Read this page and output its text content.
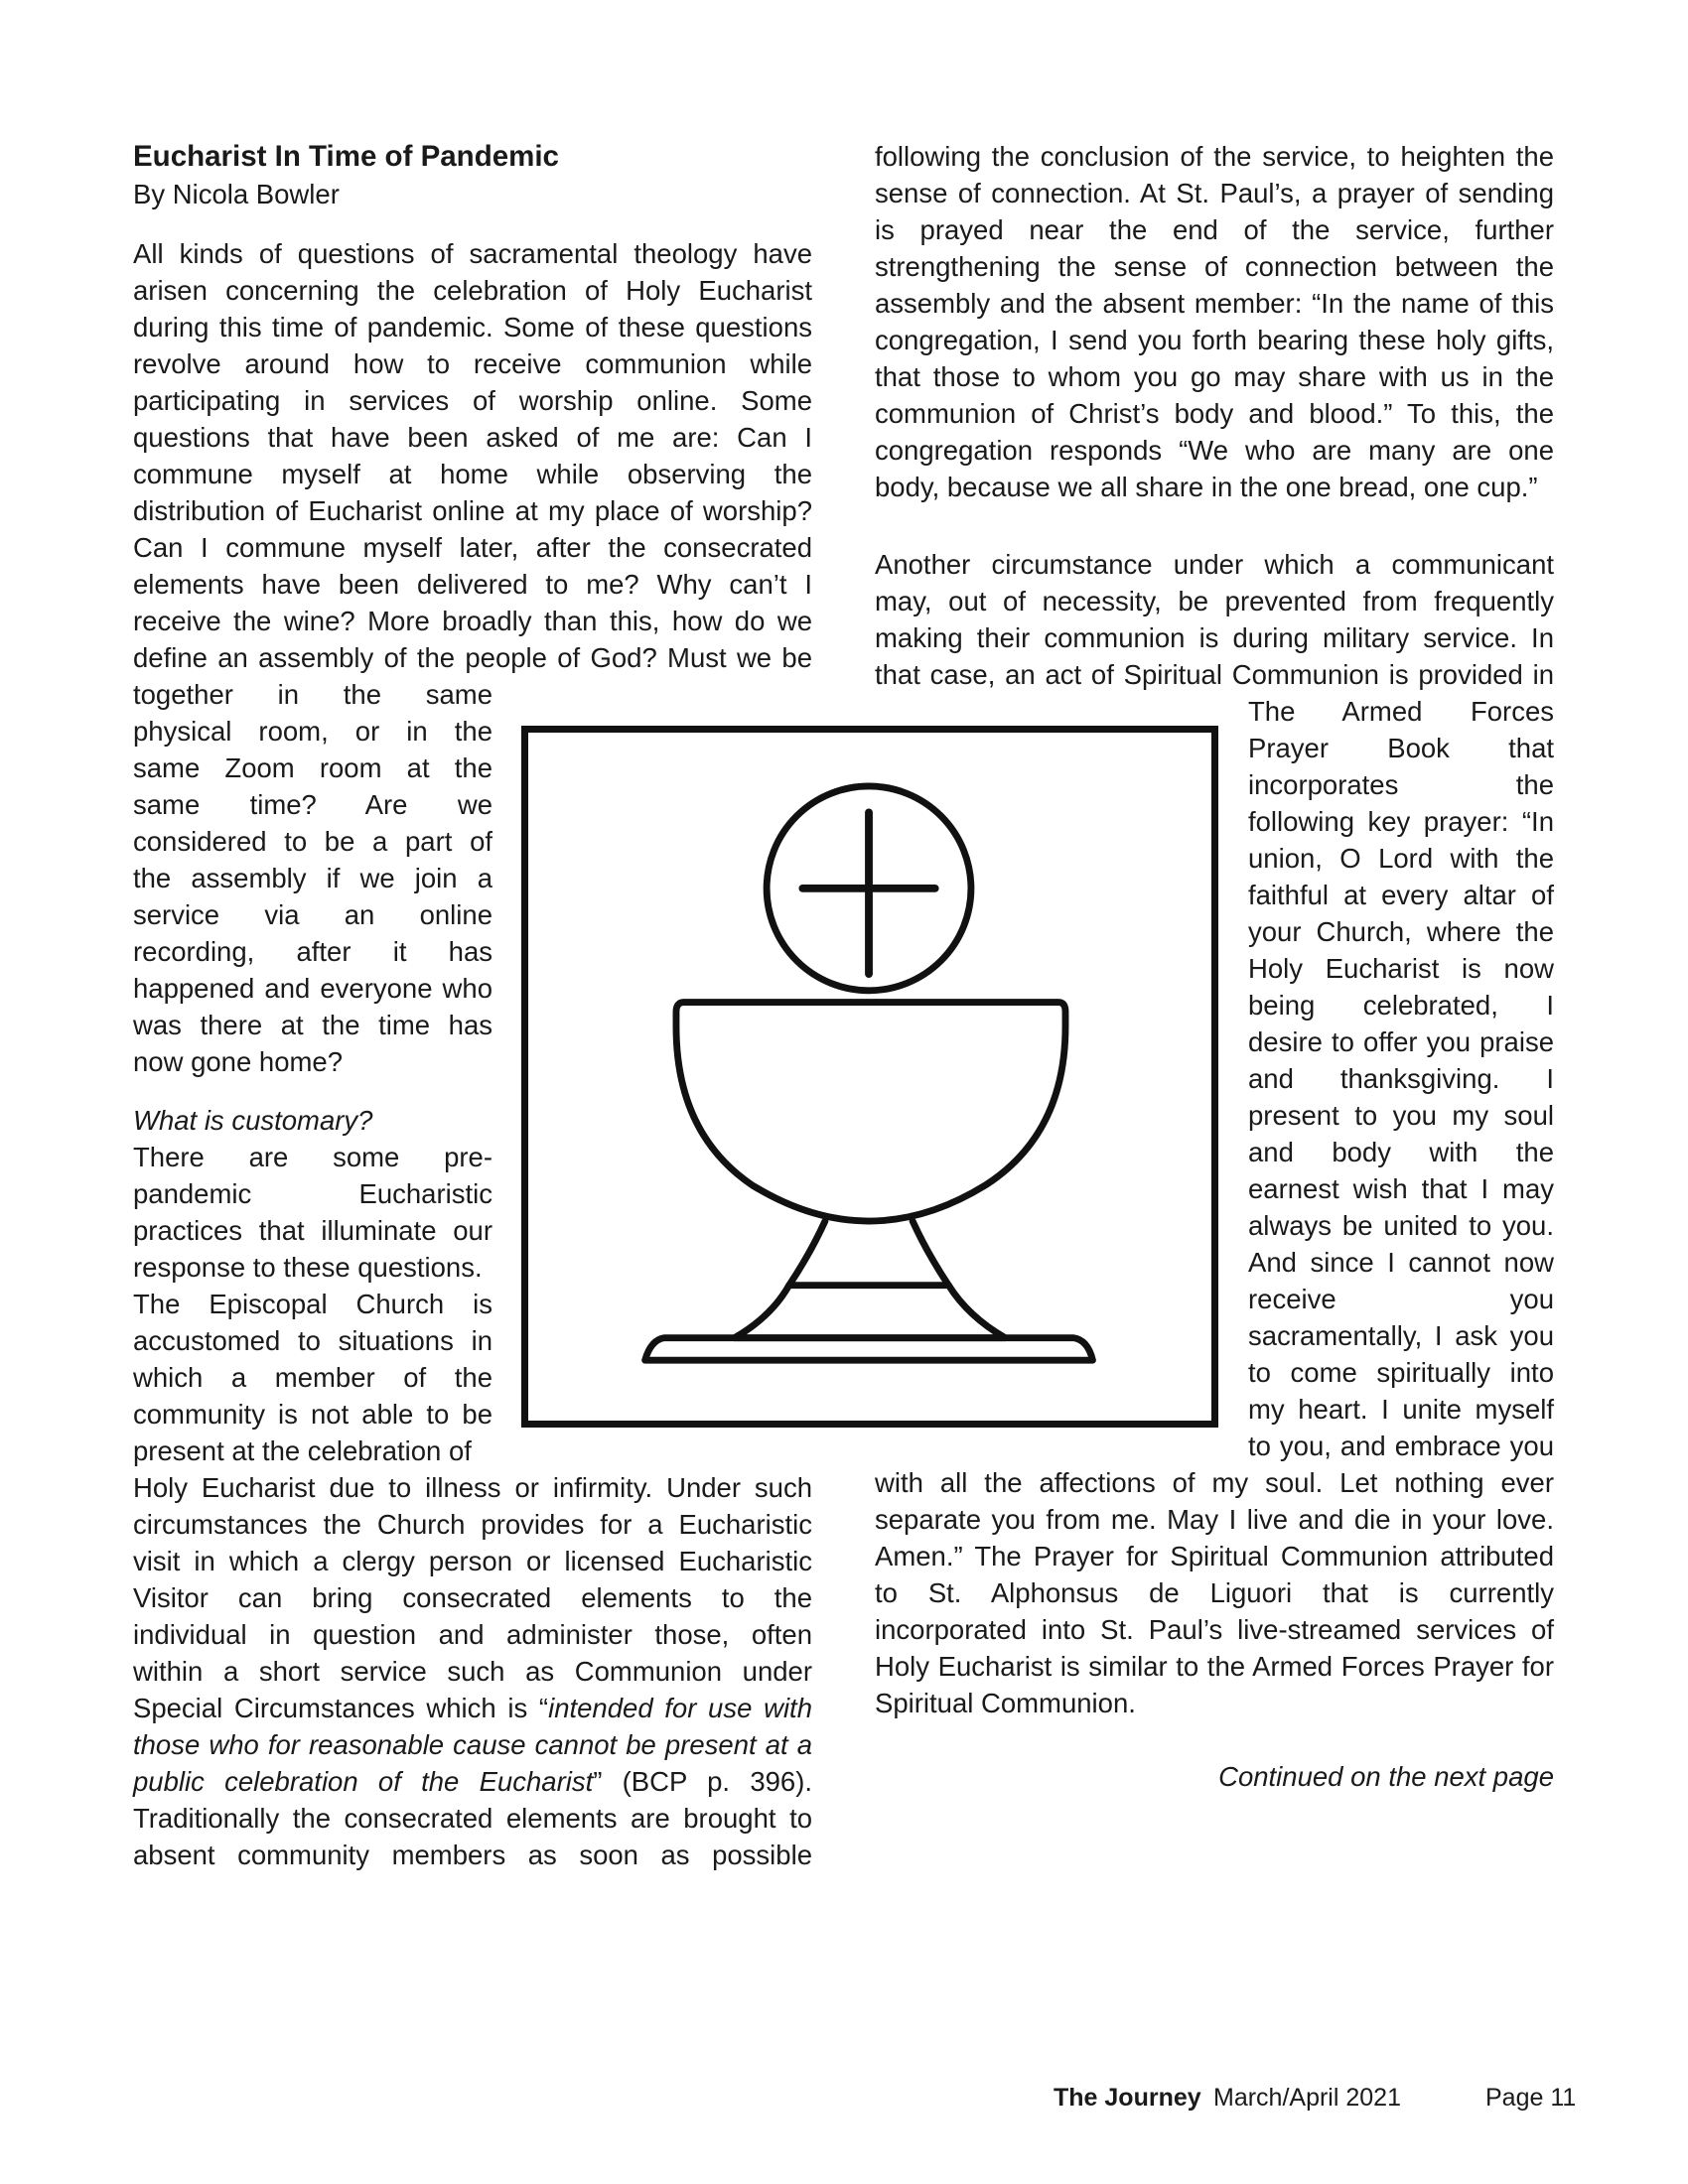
Eucharist In Time of Pandemic
By Nicola Bowler
All kinds of questions of sacramental theology have
arisen concerning the celebration of Holy Eucharist
during this time of pandemic. Some of these questions
revolve around how to receive communion while
participating in services of worship online. Some
questions that have been asked of me are: Can I
commune myself at home while observing the
distribution of Eucharist online at my place of worship?
Can I commune myself later, after the consecrated
elements have been delivered to me? Why can’t I
receive the wine? More broadly than this, how do we
define an assembly of the people of God? Must we be
together in the same
physical room, or in the
same Zoom room at the
same time? Are we
considered to be a part of
the assembly if we join a
service via an online
recording, after it has
happened and everyone who
was there at the time has
now gone home?
What is customary?
There are some pre-
pandemic Eucharistic
practices that illuminate our
response to these questions.
The Episcopal Church is
accustomed to situations in
which a member of the
community is not able to be
present at the celebration of
Holy Eucharist due to illness or infirmity. Under such
circumstances the Church provides for a Eucharistic
visit in which a clergy person or licensed Eucharistic
Visitor can bring consecrated elements to the
individual in question and administer those, often
within a short service such as Communion under
Special Circumstances which is “intended for use with
those who for reasonable cause cannot be present at a
public celebration of the Eucharist” (BCP p. 396).
Traditionally the consecrated elements are brought to
absent community members as soon as possible
following the conclusion of the service, to heighten the
sense of connection. At St. Paul’s, a prayer of sending
is prayed near the end of the service, further
strengthening the sense of connection between the
assembly and the absent member: “In the name of this
congregation, I send you forth bearing these holy gifts,
that those to whom you go may share with us in the
communion of Christ’s body and blood.” To this, the
congregation responds “We who are many are one
body, because we all share in the one bread, one cup.”
Another circumstance under which a communicant
may, out of necessity, be prevented from frequently
making their communion is during military service. In
that case, an act of Spiritual Communion is provided in
The Armed Forces
Prayer Book that
incorporates the
following key prayer: “In
union, O Lord with the
faithful at every altar of
your Church, where the
Holy Eucharist is now
being celebrated, I
desire to offer you praise
and thanksgiving. I
present to you my soul
and body with the
earnest wish that I may
always be united to you.
And since I cannot now
receive you
sacramentally, I ask you
to come spiritually into
my heart. I unite myself
to you, and embrace you
with all the affections of my soul. Let nothing ever
separate you from me. May I live and die in your love.
Amen.” The Prayer for Spiritual Communion attributed
to St. Alphonsus de Liguori that is currently
incorporated into St. Paul’s live-streamed services of
Holy Eucharist is similar to the Armed Forces Prayer for
Spiritual Communion.
Continued on the next page
The Journey March/April 2021	Page 11
